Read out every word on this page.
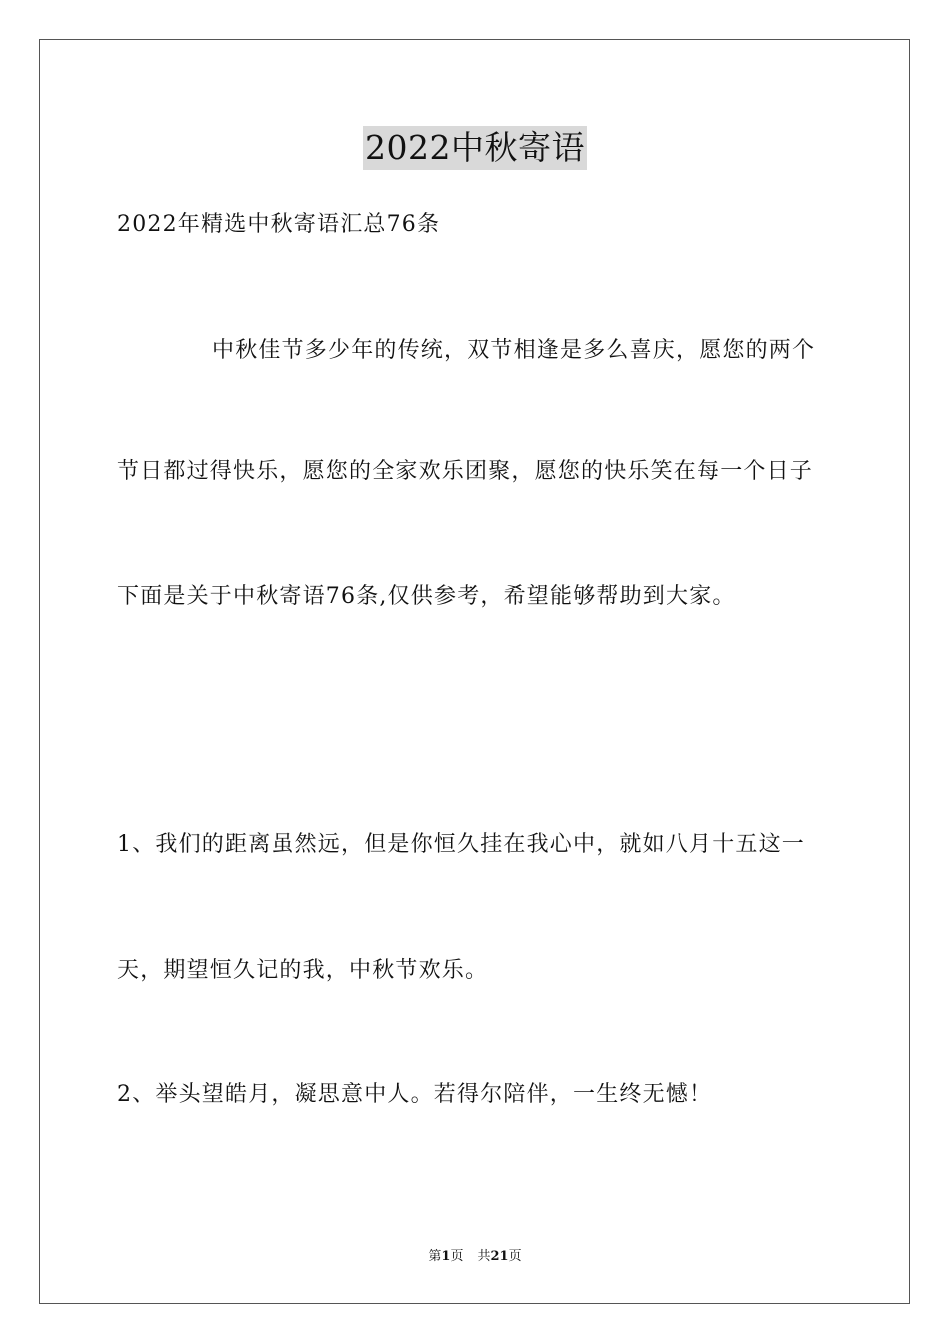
2022中秋寄语
2022年精选中秋寄语汇总76条
中秋佳节多少年的传统，双节相逢是多么喜庆，愿您的两个
节日都过得快乐，愿您的全家欢乐团聚，愿您的快乐笑在每一个日子
下面是关于中秋寄语76条,仅供参考，希望能够帮助到大家。
1、我们的距离虽然远，但是你恒久挂在我心中，就如八月十五这一
天，期望恒久记的我，中秋节欢乐。
2、举头望皓月，凝思意中人。若得尔陪伴，一生终无憾！
第1页 共21页
